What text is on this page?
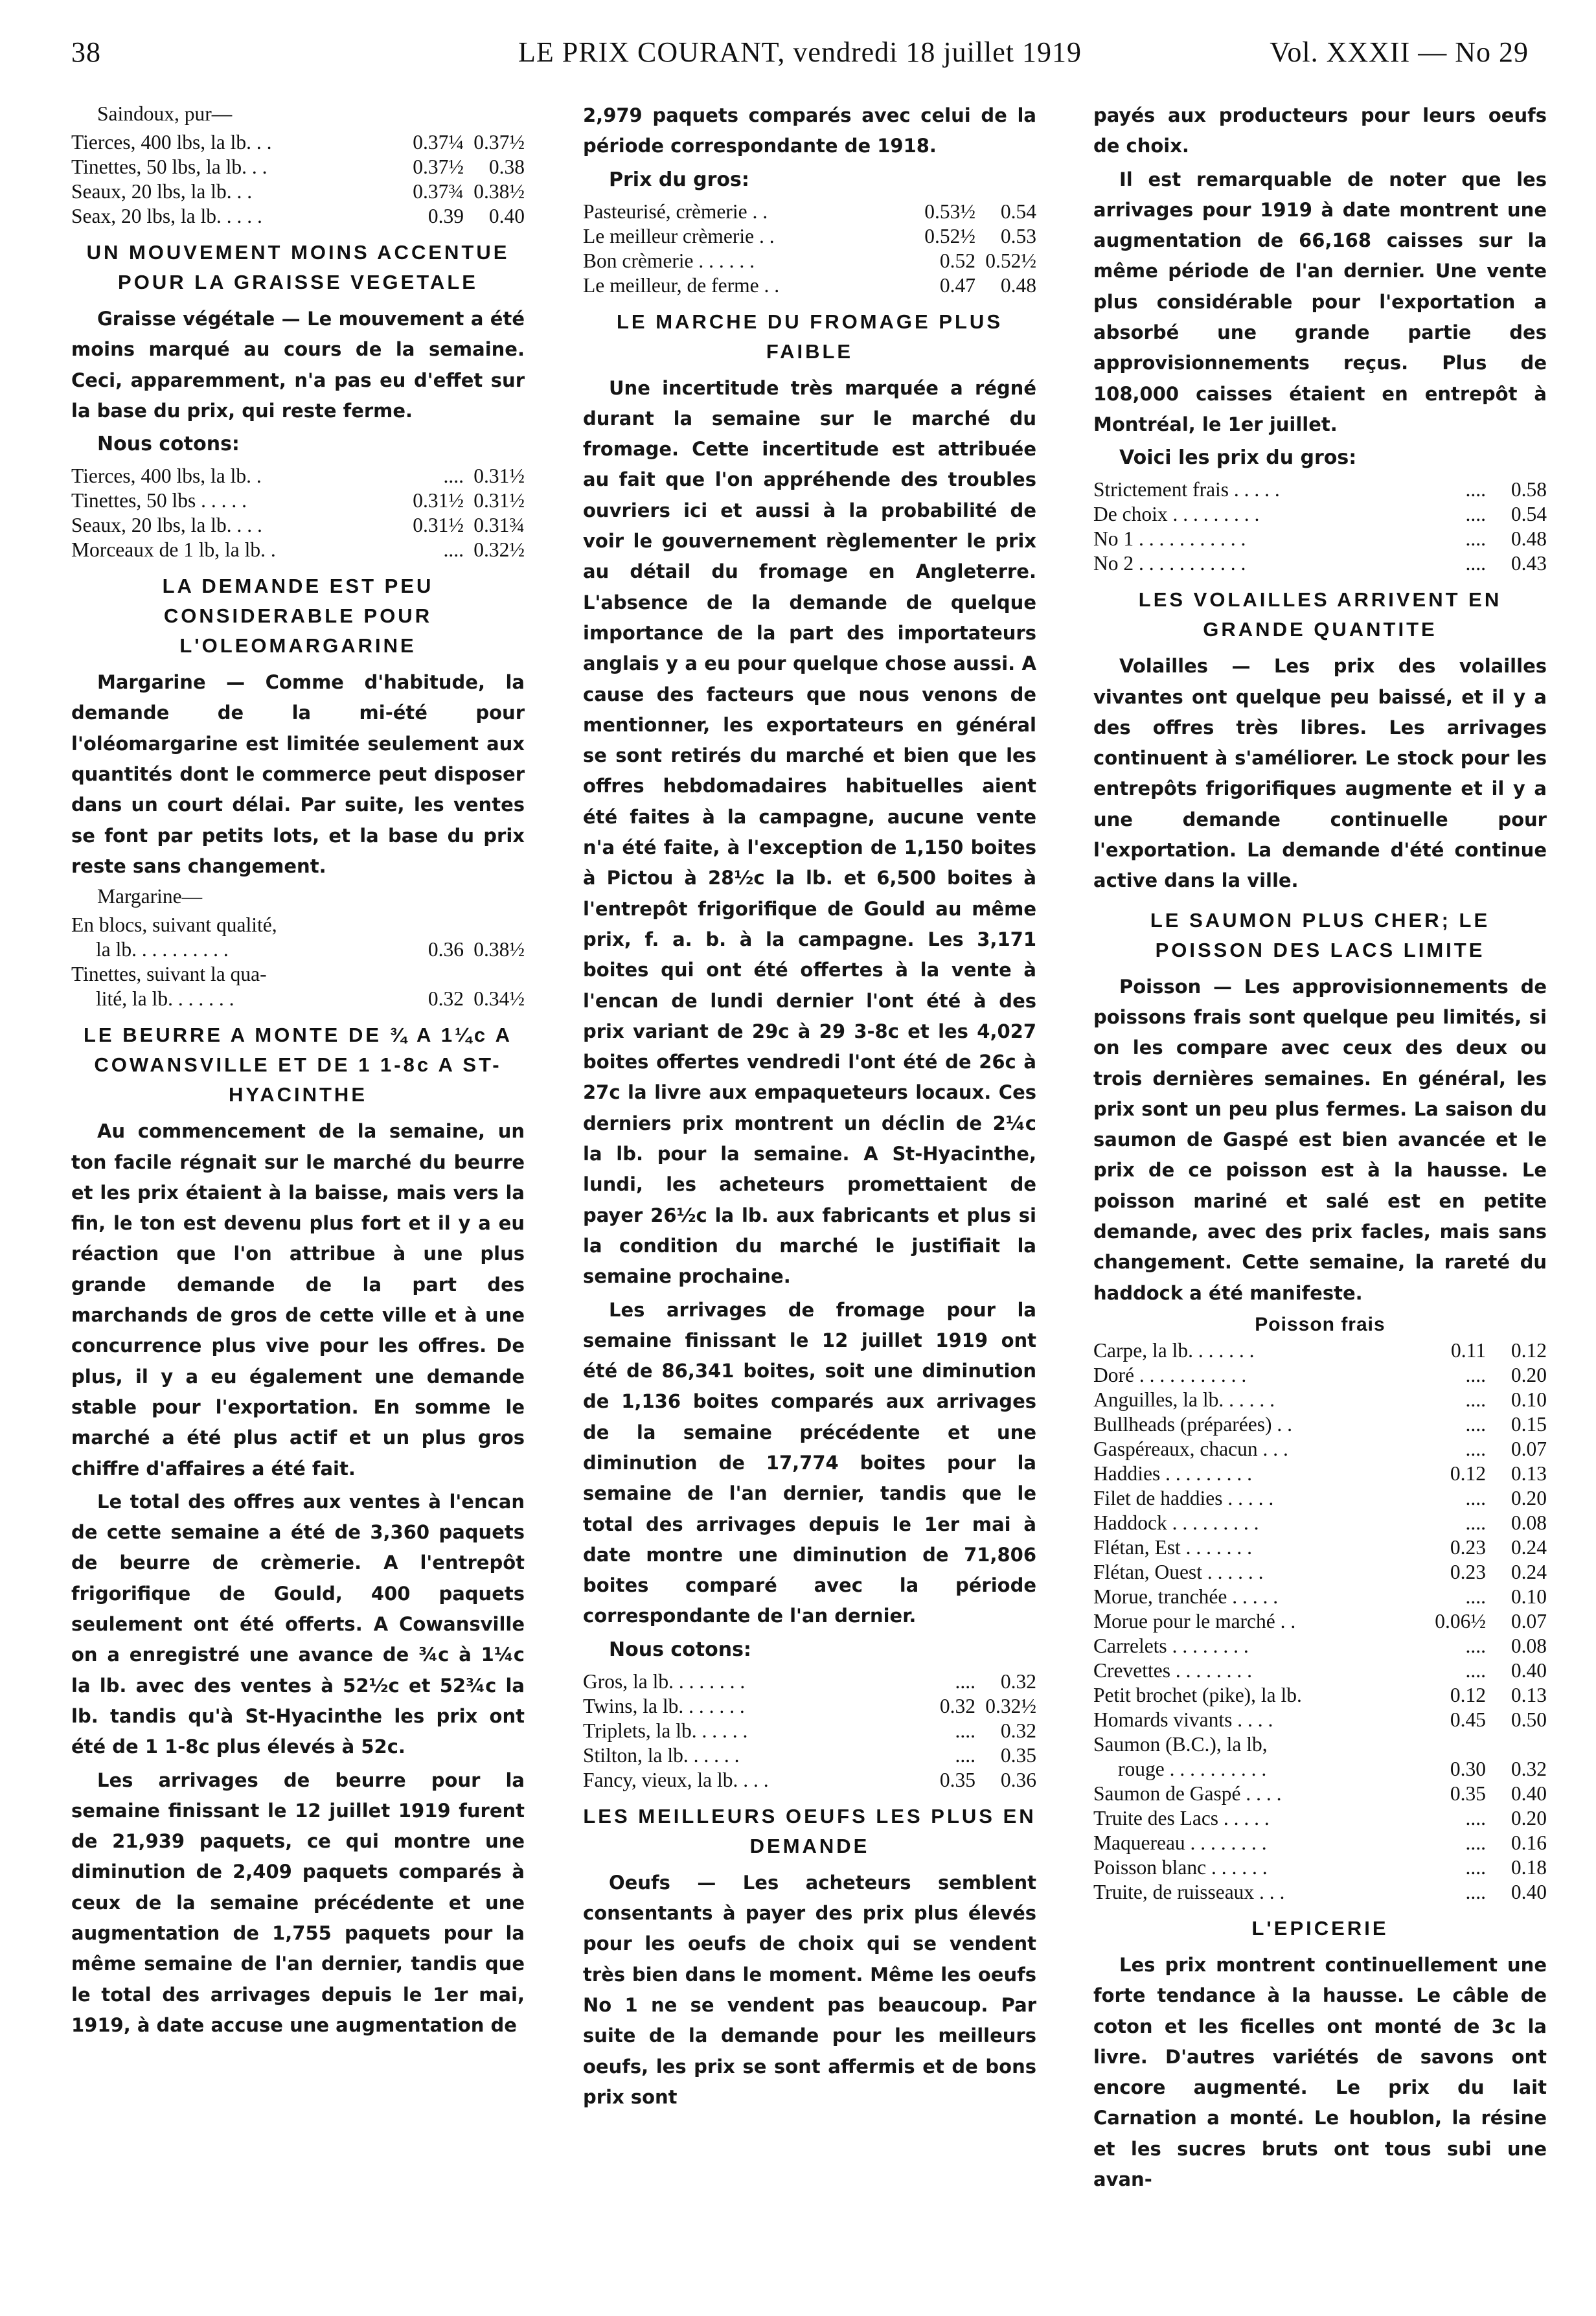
38	LE PRIX COURANT, vendredi 18 juillet 1919	Vol. XXXII — No 29
Saindoux, pur—
Tierces, 400 lbs, la lb. . .	0.37¼ 0.37½
Tinettes, 50 lbs, la lb. . .	0.37½	0.38
Seaux, 20 lbs, la lb. . .	0.37¾ 0.38½
Seax, 20 lbs, la lb. . . . .	0.39	0.40
UN MOUVEMENT MOINS ACCENTUE POUR LA GRAISSE VEGETALE

Graisse végétale — Le mouvement a été moins marqué au cours de la semaine. Ceci, apparemment, n'a pas eu d'effet sur la base du prix, qui reste ferme.

Nous cotons:
Tierces, 400 lbs, la lb. .	.... 0.31½
Tinettes, 50 lbs . . . . .	0.31½ 0.31½
Seaux, 20 lbs, la lb. . . .	0.31½ 0.31¾
Morceaux de 1 lb, la lb. .	.... 0.32½
LA DEMANDE EST PEU CONSIDERABLE POUR L'OLEOMARGARINE

Margarine — Comme d'habitude, la demande de la mi-été pour l'oléomargarine est limitée seulement aux quantités dont le commerce peut disposer dans un court délai. Par suite, les ventes se font par petits lots, et la base du prix reste sans changement.

Margarine—
En blocs, suivant qualité,
la lb. . . . . . . . . .	0.36 0.38½
Tinettes, suivant la qua-
lité, la lb. . . . . . .	0.32 0.34½
LE BEURRE A MONTE DE ¾ A 1¼c A COWANSVILLE ET DE 1 1-8c A ST-HYACINTHE

Au commencement de la semaine, un ton facile régnait sur le marché du beurre et les prix étaient à la baisse, mais vers la fin, le ton est devenu plus fort et il y a eu réaction que l'on attribue à une plus grande demande de la part des marchands de gros de cette ville et à une concurrence plus vive pour les offres. De plus, il y a eu également une demande stable pour l'exportation. En somme le marché a été plus actif et un plus gros chiffre d'affaires a été fait.

Le total des offres aux ventes à l'encan de cette semaine a été de 3,360 paquets de beurre de crèmerie. A l'entrepôt frigorifique de Gould, 400 paquets seulement ont été offerts. A Cowansville on a enregistré une avance de ¾c à 1¼c la lb. avec des ventes à 52½c et 52¾c la lb. tandis qu'à St-Hyacinthe les prix ont été de 1 1-8c plus élevés à 52c.

Les arrivages de beurre pour la semaine finissant le 12 juillet 1919 furent de 21,939 paquets, ce qui montre une diminution de 2,409 paquets comparés à ceux de la semaine précédente et une augmentation de 1,755 paquets pour la même semaine de l'an dernier, tandis que le total des arrivages depuis le 1er mai, 1919, à date accuse une augmentation de

2,979 paquets comparés avec celui de la période correspondante de 1918.

Prix du gros:
Pasteurisé, crèmerie . .	0.53½	0.54
Le meilleur crèmerie . .	0.52½	0.53
Bon crèmerie . . . . . .	0.52 0.52½
Le meilleur, de ferme . .	0.47	0.48
LE MARCHE DU FROMAGE PLUS FAIBLE

Une incertitude très marquée a régné durant la semaine sur le marché du fromage. Cette incertitude est attribuée au fait que l'on appréhende des troubles ouvriers ici et aussi à la probabilité de voir le gouvernement règlementer le prix au détail du fromage en Angleterre. L'absence de la demande de quelque importance de la part des importateurs anglais y a eu pour quelque chose aussi. A cause des facteurs que nous venons de mentionner, les exportateurs en général se sont retirés du marché et bien que les offres hebdomadaires habituelles aient été faites à la campagne, aucune vente n'a été faite, à l'exception de 1,150 boites à Pictou à 28½c la lb. et 6,500 boites à l'entrepôt frigorifique de Gould au même prix, f. a. b. à la campagne. Les 3,171 boites qui ont été offertes à la vente à l'encan de lundi dernier l'ont été à des prix variant de 29c à 29 3-8c et les 4,027 boites offertes vendredi l'ont été de 26c à 27c la livre aux empaqueteurs locaux. Ces derniers prix montrent un déclin de 2¼c la lb. pour la semaine. A St-Hyacinthe, lundi, les acheteurs promettaient de payer 26½c la lb. aux fabricants et plus si la condition du marché le justifiait la semaine prochaine.

Les arrivages de fromage pour la semaine finissant le 12 juillet 1919 ont été de 86,341 boites, soit une diminution de 1,136 boites comparés aux arrivages de la semaine précédente et une diminution de 17,774 boites pour la semaine de l'an dernier, tandis que le total des arrivages depuis le 1er mai à date montre une diminution de 71,806 boites comparé avec la période correspondante de l'an dernier.

Nous cotons:
Gros, la lb. . . . . . . .	....	0.32
Twins, la lb. . . . . . .	0.32 0.32½
Triplets, la lb. . . . . .	....	0.32
Stilton, la lb. . . . . .	....	0.35
Fancy, vieux, la lb. . . .	0.35	0.36
LES MEILLEURS OEUFS LES PLUS EN DEMANDE

Oeufs — Les acheteurs semblent consentants à payer des prix plus élevés pour les oeufs de choix qui se vendent très bien dans le moment. Même les oeufs No 1 ne se vendent pas beaucoup. Par suite de la demande pour les meilleurs oeufs, les prix se sont affermis et de bons prix sont

payés aux producteurs pour leurs oeufs de choix.

Il est remarquable de noter que les arrivages pour 1919 à date montrent une augmentation de 66,168 caisses sur la même période de l'an dernier. Une vente plus considérable pour l'exportation a absorbé une grande partie des approvisionnements reçus. Plus de 108,000 caisses étaient en entrepôt à Montréal, le 1er juillet.

Voici les prix du gros:
Strictement frais . . . . .	....	0.58
De choix . . . . . . . . .	....	0.54
No 1 . . . . . . . . . . .	....	0.48
No 2 . . . . . . . . . . .	....	0.43
LES VOLAILLES ARRIVENT EN GRANDE QUANTITE

Volailles — Les prix des volailles vivantes ont quelque peu baissé, et il y a des offres très libres. Les arrivages continuent à s'améliorer. Le stock pour les entrepôts frigorifiques augmente et il y a une demande continuelle pour l'exportation. La demande d'été continue active dans la ville.

LE SAUMON PLUS CHER; LE POISSON DES LACS LIMITE

Poisson — Les approvisionnements de poissons frais sont quelque peu limités, si on les compare avec ceux des deux ou trois dernières semaines. En général, les prix sont un peu plus fermes. La saison du saumon de Gaspé est bien avancée et le prix de ce poisson est à la hausse. Le poisson mariné et salé est en petite demande, avec des prix facles, mais sans changement. Cette semaine, la rareté du haddock a été manifeste.

Poisson frais
Carpe, la lb. . . . . . .	0.11	0.12
Doré . . . . . . . . . . .	....	0.20
Anguilles, la lb. . . . . .	....	0.10
Bullheads (préparées) . .	....	0.15
Gaspéreaux, chacun . . .	....	0.07
Haddies . . . . . . . . .	0.12	0.13
Filet de haddies . . . . .	....	0.20
Haddock . . . . . . . . .	....	0.08
Flétan, Est . . . . . . .	0.23	0.24
Flétan, Ouest . . . . . .	0.23	0.24
Morue, tranchée . . . . .	....	0.10
Morue pour le marché . .	0.06½	0.07
Carrelets . . . . . . . .	....	0.08
Crevettes . . . . . . . .	....	0.40
Petit brochet (pike), la lb.	0.12	0.13
Homards vivants . . . .	0.45	0.50
Saumon (B.C.), la lb,
rouge . . . . . . . . . .	0.30	0.32
Saumon de Gaspé . . . .	0.35	0.40
Truite des Lacs . . . . .	....	0.20
Maquereau . . . . . . . .	....	0.16
Poisson blanc . . . . . .	....	0.18
Truite, de ruisseaux . . .	....	0.40
L'EPICERIE

Les prix montrent continuellement une forte tendance à la hausse. Le câble de coton et les ficelles ont monté de 3c la livre. D'autres variétés de savons ont encore augmenté. Le prix du lait Carnation a monté. Le houblon, la résine et les sucres bruts ont tous subi une avan-
